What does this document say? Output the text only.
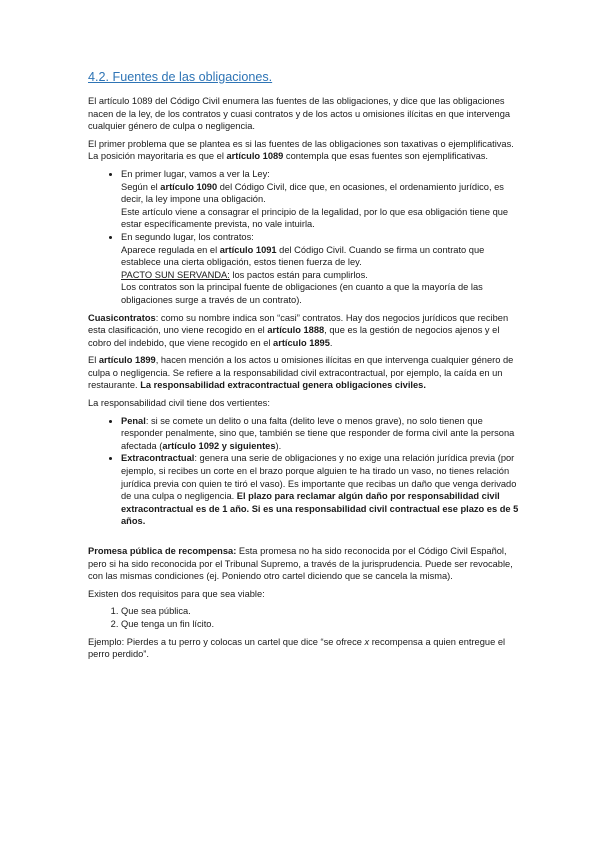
4.2. Fuentes de las obligaciones.

El artículo 1089 del Código Civil enumera las fuentes de las obligaciones, y dice que las obligaciones nacen de la ley, de los contratos y cuasi contratos y de los actos u omisiones ilícitas en que intervenga cualquier género de culpa o negligencia.

El primer problema que se plantea es si las fuentes de las obligaciones son taxativas o ejemplificativas. La posición mayoritaria es que el artículo 1089 contempla que esas fuentes son ejemplificativas.

• En primer lugar, vamos a ver la Ley:
Según el artículo 1090 del Código Civil, dice que, en ocasiones, el ordenamiento jurídico, es decir, la ley impone una obligación.
Este artículo viene a consagrar el principio de la legalidad, por lo que esa obligación tiene que estar específicamente prevista, no vale intuirla.
• En segundo lugar, los contratos:
Aparece regulada en el artículo 1091 del Código Civil. Cuando se firma un contrato que establece una cierta obligación, estos tienen fuerza de ley.
PACTO SUN SERVANDA: los pactos están para cumplirlos.
Los contratos son la principal fuente de obligaciones (en cuanto a que la mayoría de las obligaciones surge a través de un contrato).

Cuasicontratos: como su nombre indica son “casi” contratos. Hay dos negocios jurídicos que reciben esta clasificación, uno viene recogido en el artículo 1888, que es la gestión de negocios ajenos y el cobro del indebido, que viene recogido en el artículo 1895.

El artículo 1899, hacen mención a los actos u omisiones ilícitas en que intervenga cualquier género de culpa o negligencia. Se refiere a la responsabilidad civil extracontractual, por ejemplo, la caída en un restaurante. La responsabilidad extracontractual genera obligaciones civiles.

La responsabilidad civil tiene dos vertientes:

• Penal: si se comete un delito o una falta (delito leve o menos grave), no solo tienen que responder penalmente, sino que, también se tiene que responder de forma civil ante la persona afectada (artículo 1092 y siguientes).
• Extracontractual: genera una serie de obligaciones y no exige una relación jurídica previa (por ejemplo, si recibes un corte en el brazo porque alguien te ha tirado un vaso, no tienes relación jurídica previa con quien te tiró el vaso). Es importante que recibas un daño que venga derivado de una culpa o negligencia. El plazo para reclamar algún daño por responsabilidad civil extracontractual es de 1 año. Si es una responsabilidad civil contractual ese plazo es de 5 años.

Promesa pública de recompensa: Esta promesa no ha sido reconocida por el Código Civil Español, pero si ha sido reconocida por el Tribunal Supremo, a través de la jurisprudencia. Puede ser revocable, con las mismas condiciones (ej. Poniendo otro cartel diciendo que se cancela la misma).

Existen dos requisitos para que sea viable:

1. Que sea pública.
2. Que tenga un fin lícito.

Ejemplo: Pierdes a tu perro y colocas un cartel que dice “se ofrece x recompensa a quien entregue el perro perdido”.
